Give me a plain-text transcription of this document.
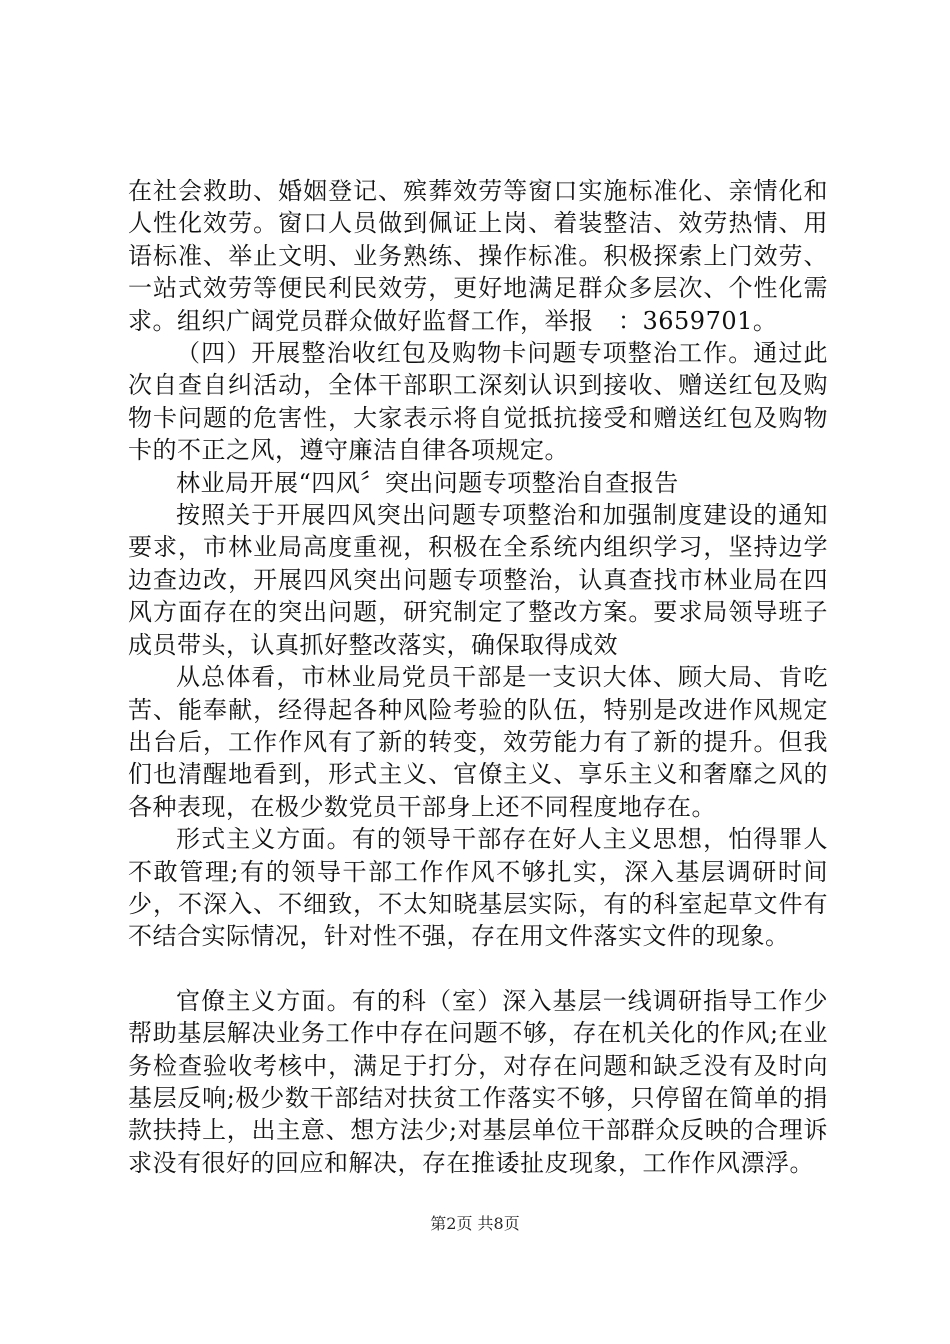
在社会救助、婚姻登记、殡葬效劳等窗口实施标准化、亲情化和人性化效劳。窗口人员做到佩证上岗、着装整洁、效劳热情、用语标准、举止文明、业务熟练、操作标准。积极探索上门效劳、一站式效劳等便民利民效劳，更好地满足群众多层次、个性化需求。组织广阔党员群众做好监督工作，举报　：3659701。

（四）开展整治收红包及购物卡问题专项整治工作。通过此次自查自纠活动，全体干部职工深刻认识到接收、赠送红包及购物卡问题的危害性，大家表示将自觉抵抗接受和赠送红包及购物卡的不正之风，遵守廉洁自律各项规定。

林业局开展“四风〞突出问题专项整治自查报告

按照关于开展四风突出问题专项整治和加强制度建设的通知要求，市林业局高度重视，积极在全系统内组织学习，坚持边学边查边改，开展四风突出问题专项整治，认真查找市林业局在四风方面存在的突出问题，研究制定了整改方案。要求局领导班子成员带头，认真抓好整改落实，确保取得成效

从总体看，市林业局党员干部是一支识大体、顾大局、肯吃苦、能奉献，经得起各种风险考验的队伍，特别是改进作风规定出台后，工作作风有了新的转变，效劳能力有了新的提升。但我们也清醒地看到，形式主义、官僚主义、享乐主义和奢靡之风的各种表现，在极少数党员干部身上还不同程度地存在。

形式主义方面。有的领导干部存在好人主义思想，怕得罪人不敢管理;有的领导干部工作作风不够扎实，深入基层调研时间少，不深入、不细致，不太知晓基层实际，有的科室起草文件有不结合实际情况，针对性不强，存在用文件落实文件的现象。

官僚主义方面。有的科（室）深入基层一线调研指导工作少帮助基层解决业务工作中存在问题不够，存在机关化的作风;在业务检查验收考核中，满足于打分，对存在问题和缺乏没有及时向基层反响;极少数干部结对扶贫工作落实不够，只停留在简单的捐款扶持上，出主意、想方法少;对基层单位干部群众反映的合理诉求没有很好的回应和解决，存在推诿扯皮现象，工作作风漂浮。

第2页 共8页
